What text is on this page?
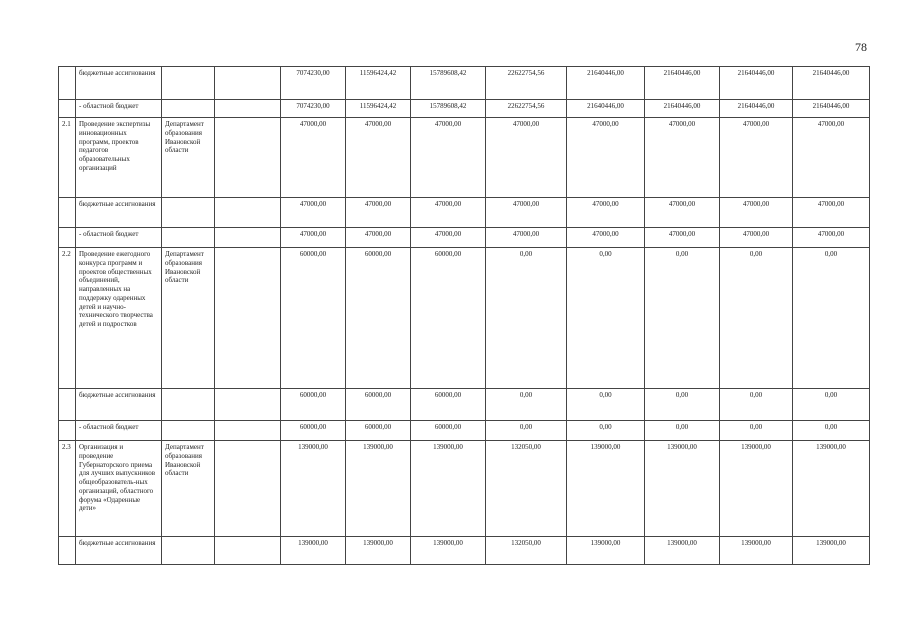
78
	бюджетные ассигнования			7074230,00	11596424,42	15789608,42	22622754,56	21640446,00	21640446,00	21640446,00	21640446,00	
	- областной бюджет			7074230,00	11596424,42	15789608,42	22622754,56	21640446,00	21640446,00	21640446,00	21640446,00	
2.1	Проведение экспертизы инновационных программ, проектов педагогов образовательных организаций	Департамент образования Ивановской области		47000,00	47000,00	47000,00	47000,00	47000,00	47000,00	47000,00	47000,00	
	бюджетные ассигнования			47000,00	47000,00	47000,00	47000,00	47000,00	47000,00	47000,00	47000,00	
	- областной бюджет			47000,00	47000,00	47000,00	47000,00	47000,00	47000,00	47000,00	47000,00	
2.2	Проведение ежегодного конкурса программ и проектов общественных объединений, направленных на поддержку одаренных детей и научно-технического творчества детей и подростков	Департамент образования Ивановской области		60000,00	60000,00	60000,00	0,00	0,00	0,00	0,00	0,00	
	бюджетные ассигнования			60000,00	60000,00	60000,00	0,00	0,00	0,00	0,00	0,00	
	- областной бюджет			60000,00	60000,00	60000,00	0,00	0,00	0,00	0,00	0,00	
2.3	Организация и проведение Губернаторского приема для лучших выпускников общеобразователь-ных организаций, областного форума «Одаренные дети»	Департамент образования Ивановской области		139000,00	139000,00	139000,00	132050,00	139000,00	139000,00	139000,00	139000,00	
	бюджетные ассигнования			139000,00	139000,00	139000,00	132050,00	139000,00	139000,00	139000,00	139000,00	
